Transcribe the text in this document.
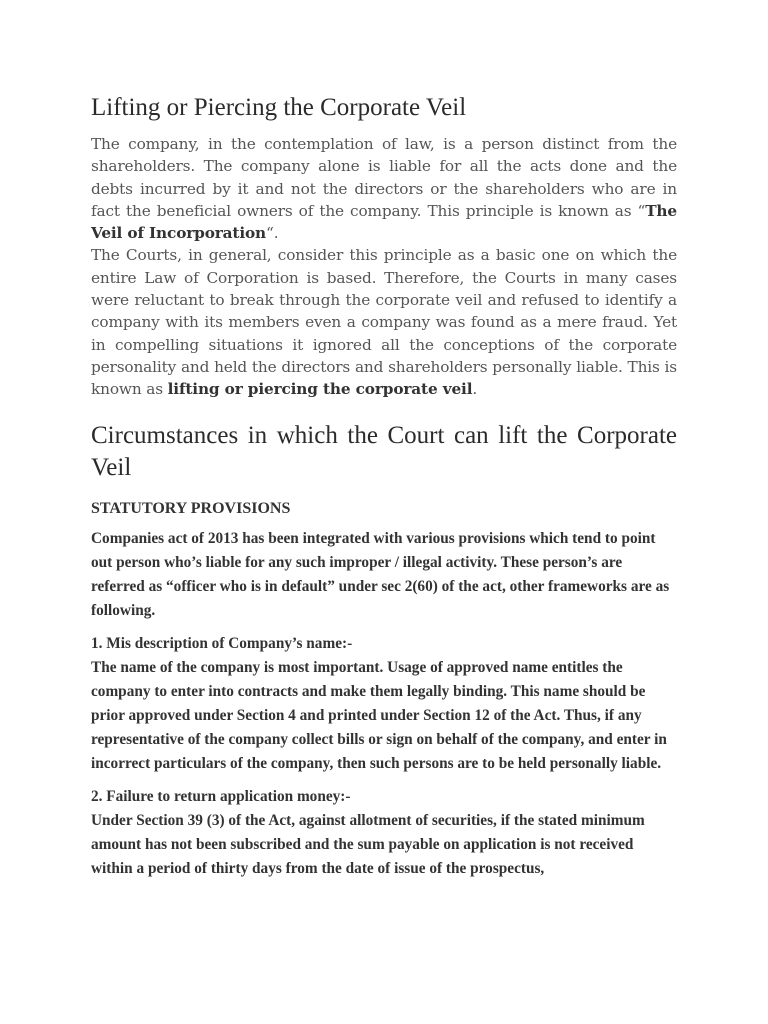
Lifting or Piercing the Corporate Veil

The company, in the contemplation of law, is a person distinct from the shareholders. The company alone is liable for all the acts done and the debts incurred by it and not the directors or the shareholders who are in fact the beneficial owners of the company. This principle is known as “The Veil of Incorporation“.

The Courts, in general, consider this principle as a basic one on which the entire Law of Corporation is based. Therefore, the Courts in many cases were reluctant to break through the corporate veil and refused to identify a company with its members even a company was found as a mere fraud. Yet in compelling situations it ignored all the conceptions of the corporate personality and held the directors and shareholders personally liable. This is known as lifting or piercing the corporate veil.

Circumstances in which the Court can lift the Corporate Veil
STATUTORY PROVISIONS

Companies act of 2013 has been integrated with various provisions which tend to point out person who’s liable for any such improper / illegal activity. These person’s are referred as “officer who is in default” under sec 2(60) of the act, other frameworks are as following.

1. Mis description of Company’s name:-
The name of the company is most important. Usage of approved name entitles the company to enter into contracts and make them legally binding. This name should be prior approved under Section 4 and printed under Section 12 of the Act. Thus, if any representative of the company collect bills or sign on behalf of the company, and enter in incorrect particulars of the company, then such persons are to be held personally liable.

2. Failure to return application money:-
Under Section 39 (3) of the Act, against allotment of securities, if the stated minimum amount has not been subscribed and the sum payable on application is not received within a period of thirty days from the date of issue of the prospectus,
